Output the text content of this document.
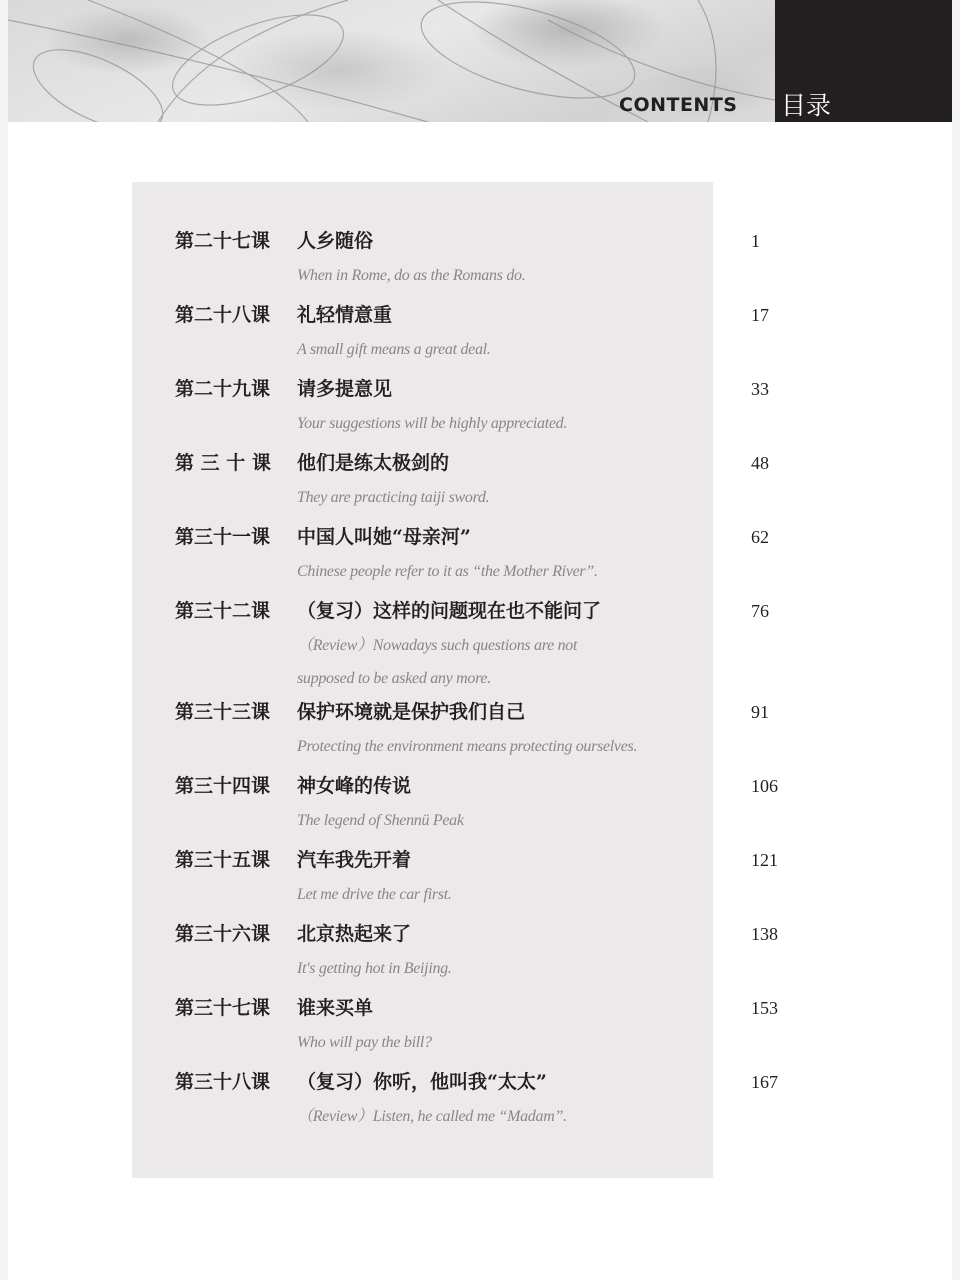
CONTENTS 目录
第二十七课 人乡随俗	1
When in Rome, do as the Romans do.
第二十八课 礼轻情意重	17
A small gift means a great deal.
第二十九课 请多提意见	33
Your suggestions will be highly appreciated.
第 三 十 课 他们是练太极剑的	48
They are practicing taiji sword.
第三十一课 中国人叫她“母亲河”	62
Chinese people refer to it as “the Mother River”.
第三十二课 （复习）这样的问题现在也不能问了	76
（Review）Nowadays such questions are not
supposed to be asked any more.
第三十三课 保护环境就是保护我们自己	91
Protecting the environment means protecting ourselves.
第三十四课 神女峰的传说	106
The legend of Shennü Peak
第三十五课 汽车我先开着	121
Let me drive the car first.
第三十六课 北京热起来了	138
It's getting hot in Beijing.
第三十七课 谁来买单	153
Who will pay the bill?
第三十八课 （复习）你听，他叫我“太太”	167
（Review）Listen, he called me “Madam”.
